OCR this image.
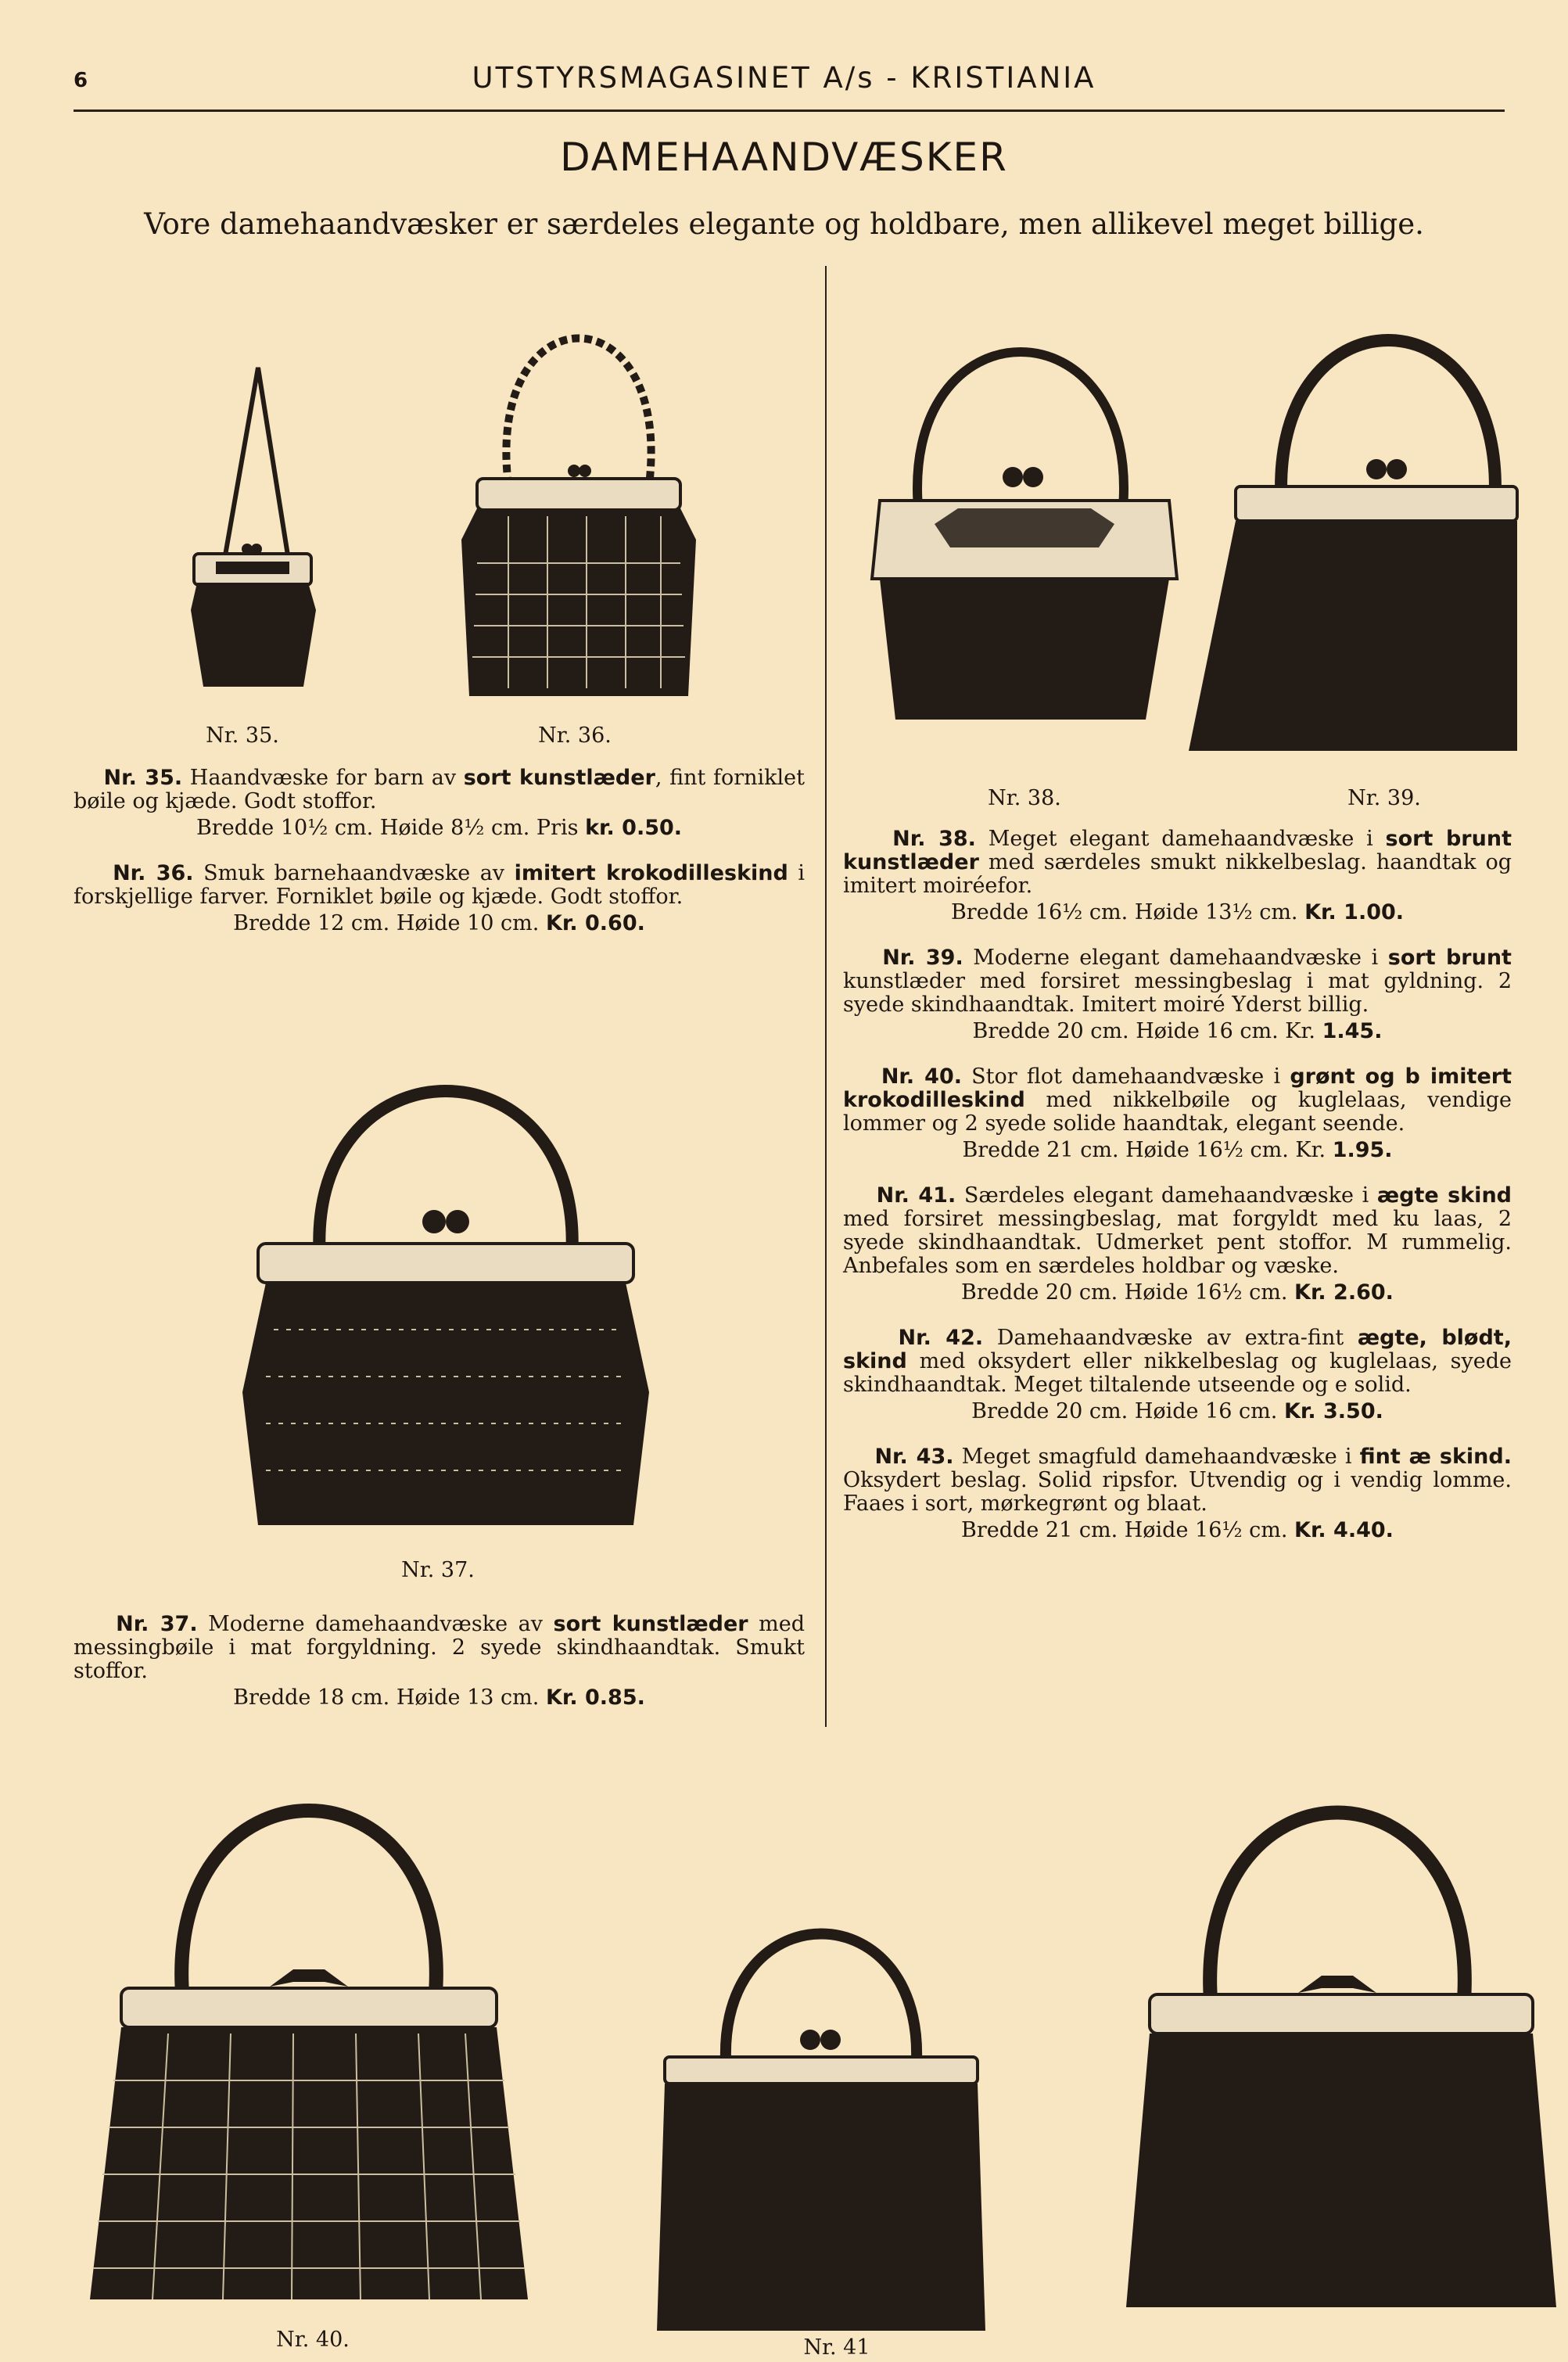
6	UTSTYRSMAGASINET A/s - KRISTIANIA
DAMEHAANDVÆSKER
Vore damehaandvæsker er særdeles elegante og holdbare, men allikevel meget billige.
Nr. 35.	Nr. 36.
Nr. 35. Haandvæske for barn av sort kunstlæder, fint forniklet bøile og kjæde. Godt stoffor.
Bredde 10½ cm. Høide 8½ cm. Pris kr. 0.50.
Nr. 36. Smuk barnehaandvæske av imitert krokodilleskind i forskjellige farver. Forniklet bøile og kjæde. Godt stoffor.
Bredde 12 cm. Høide 10 cm. Kr. 0.60.
Nr. 37.
Nr. 37. Moderne damehaandvæske av sort kunstlæder med messingbøile i mat forgyldning. 2 syede skindhaandtak. Smukt stoffor.
Bredde 18 cm. Høide 13 cm. Kr. 0.85.
Nr. 38.	Nr. 39.
Nr. 38. Meget elegant damehaandvæske i sort brunt kunstlæder med særdeles smukt nikkelbeslag. haandtak og imitert moiréefor.
Bredde 16½ cm. Høide 13½ cm. Kr. 1.00.
Nr. 39. Moderne elegant damehaandvæske i sort brunt kunstlæder med forsiret messingbeslag i mat gyldning. 2 syede skindhaandtak. Imitert moiré Yderst billig.
Bredde 20 cm. Høide 16 cm. Kr. 1.45.
Nr. 40. Stor flot damehaandvæske i grønt og b imitert krokodilleskind med nikkelbøile og kuglelaas, vendige lommer og 2 syede solide haandtak, elegant seende.
Bredde 21 cm. Høide 16½ cm. Kr. 1.95.
Nr. 41. Særdeles elegant damehaandvæske i ægte skind med forsiret messingbeslag, mat forgyldt med ku laas, 2 syede skindhaandtak. Udmerket pent stoffor. M rummelig. Anbefales som en særdeles holdbar og væske.
Bredde 20 cm. Høide 16½ cm. Kr. 2.60.
Nr. 42. Damehaandvæske av extra-fint ægte, blødt, skind med oksydert eller nikkelbeslag og kuglelaas, syede skindhaandtak. Meget tiltalende utseende og e solid.
Bredde 20 cm. Høide 16 cm. Kr. 3.50.
Nr. 43. Meget smagfuld damehaandvæske i fint æ skind. Oksydert beslag. Solid ripsfor. Utvendig og i vendig lomme. Faaes i sort, mørkegrønt og blaat.
Bredde 21 cm. Høide 16½ cm. Kr. 4.40.
Nr. 40.	Nr. 41
